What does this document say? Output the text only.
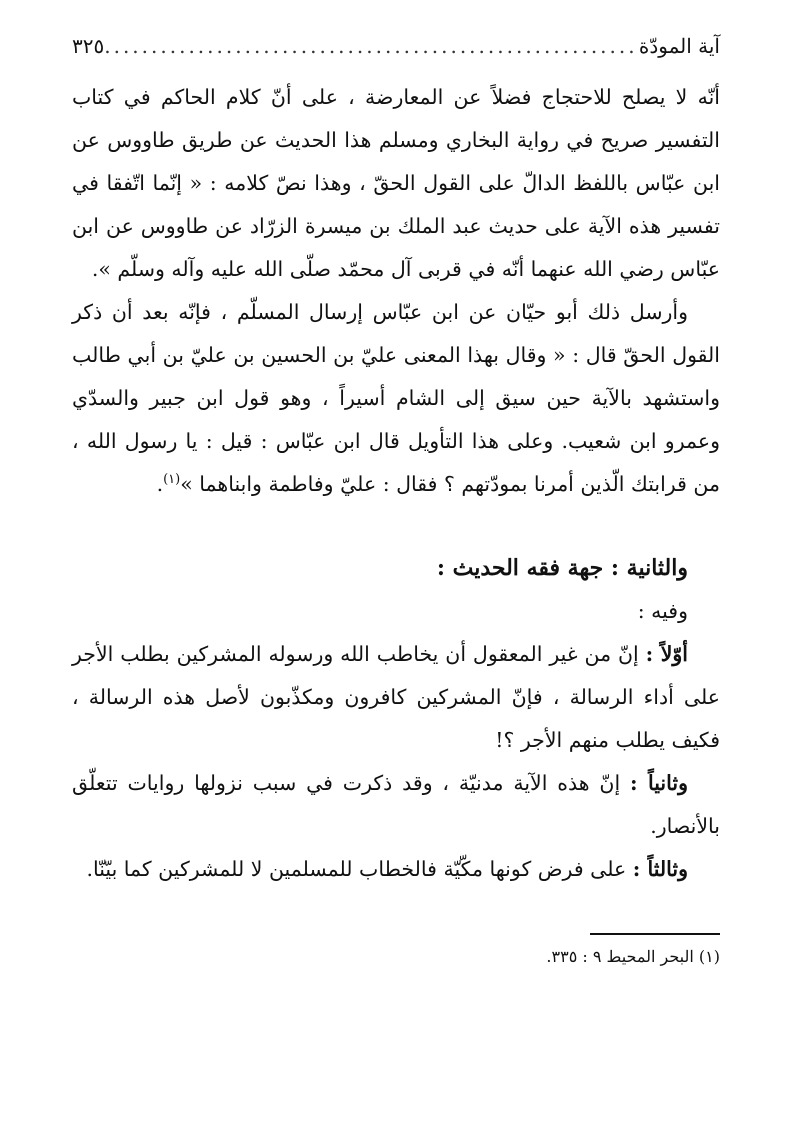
آية المودّة
.....
٣٢٥

أنّه لا يصلح للاحتجاج فضلاً عن المعارضة ، على أنّ كلام الحاكم في كتاب التفسير صريح في رواية البخاري ومسلم هذا الحديث عن طريق طاووس عن ابن عبّاس باللفظ الدالّ على القول الحقّ ، وهذا نصّ كلامه : « إنّما اتّفقا في تفسير هذه الآية على حديث عبد الملك بن ميسرة الزرّاد عن طاووس عن ابن عبّاس رضي الله عنهما أنّه في قربى آل محمّد صلّى الله عليه وآله وسلّم ».

وأرسل ذلك أبو حيّان عن ابن عبّاس إرسال المسلّم ، فإنّه بعد أن ذكر القول الحقّ قال : « وقال بهذا المعنى عليّ بن الحسين بن عليّ بن أبي طالب واستشهد بالآية حين سيق إلى الشام أسيراً ، وهو قول ابن جبير والسدّي وعمرو ابن شعيب. وعلى هذا التأويل قال ابن عبّاس : قيل : يا رسول الله ، من قرابتك الّذين أمرنا بمودّتهم ؟ فقال : عليّ وفاطمة وابناهما »$^{(١)}$.

والثانية : جهة فقه الحديث :

وفيه :

أوّلاً : إنّ من غير المعقول أن يخاطب الله ورسوله المشركين بطلب الأجر على أداء الرسالة ، فإنّ المشركين كافرون ومكذّبون لأصل هذه الرسالة ، فكيف يطلب منهم الأجر ؟!

وثانياً : إنّ هذه الآية مدنيّة ، وقد ذكرت في سبب نزولها روايات تتعلّق بالأنصار.

وثالثاً : على فرض كونها مكّيّة فالخطاب للمسلمين لا للمشركين كما بيّنّا.

(١) البحر المحيط ٩ : ٣٣٥.
